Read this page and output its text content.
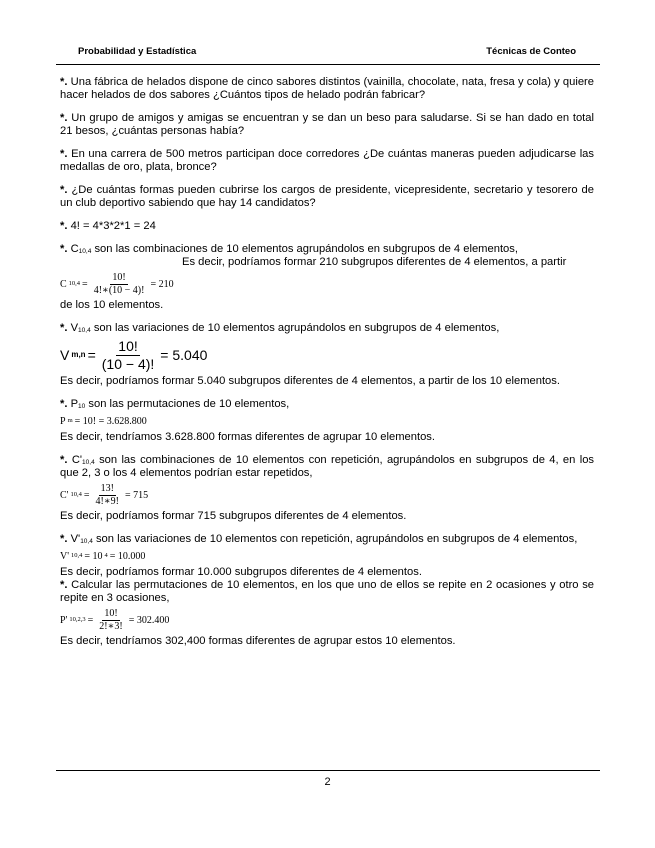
Probabilidad y Estadística	Técnicas de Conteo

*. Una fábrica de helados dispone de cinco sabores distintos (vainilla, chocolate, nata, fresa y cola) y quiere hacer helados de dos sabores ¿Cuántos tipos de helado podrán fabricar?

*. Un grupo de amigos y amigas se encuentran y se dan un beso para saludarse. Si se han dado en total 21 besos, ¿cuántas personas había?

*. En una carrera de 500 metros participan doce corredores ¿De cuántas maneras pueden adjudicarse las medallas de oro, plata, bronce?

*. ¿De cuántas formas pueden cubrirse los cargos de presidente, vicepresidente, secretario y tesorero de un club deportivo sabiendo que hay 14 candidatos?

*. 4! = 4*3*2*1 = 24

*. $C_{10,4}$ son las combinaciones de 10 elementos agrupándolos en subgrupos de 4 elementos,

Es decir, podríamos formar 210 subgrupos diferentes de 4 elementos, a partir

C $10,4 = \frac{10!}{4!∗(10 - 4)!} = 210$

de los 10 elementos.

*. $V_{10,4}$ son las variaciones de 10 elementos agrupándolos en subgrupos de 4 elementos,

V $m,n = \frac{10!}{(10 - 4)!} = 5.040$

Es decir, podríamos formar 5.040 subgrupos diferentes de 4 elementos, a partir de los 10 elementos.

*. $P_{10}$ son las permutaciones de 10 elementos,

P m = 10! = 3.628.800

Es decir, tendríamos 3.628.800 formas diferentes de agrupar 10 elementos.

*. $C'_{10,4}$ son las combinaciones de 10 elementos con repetición, agrupándolos en subgrupos de 4, en los que 2, 3 o los 4 elementos podrían estar repetidos,

C' $10,4 = \frac{13!}{4!∗9!} = 715$

Es decir, podríamos formar 715 subgrupos diferentes de 4 elementos.

*. $V'_{10,4}$ son las variaciones de 10 elementos con repetición, agrupándolos en subgrupos de 4 elementos,

V' 10,4 = 10 4 = 10.000

Es decir, podríamos formar 10.000 subgrupos diferentes de 4 elementos.

*. Calcular las permutaciones de 10 elementos, en los que uno de ellos se repite en 2 ocasiones y otro se repite en 3 ocasiones,

P' $10,2,3 = \frac{10!}{2!∗3!} = 302.400$

Es decir, tendríamos 302,400 formas diferentes de agrupar estos 10 elementos.

2
